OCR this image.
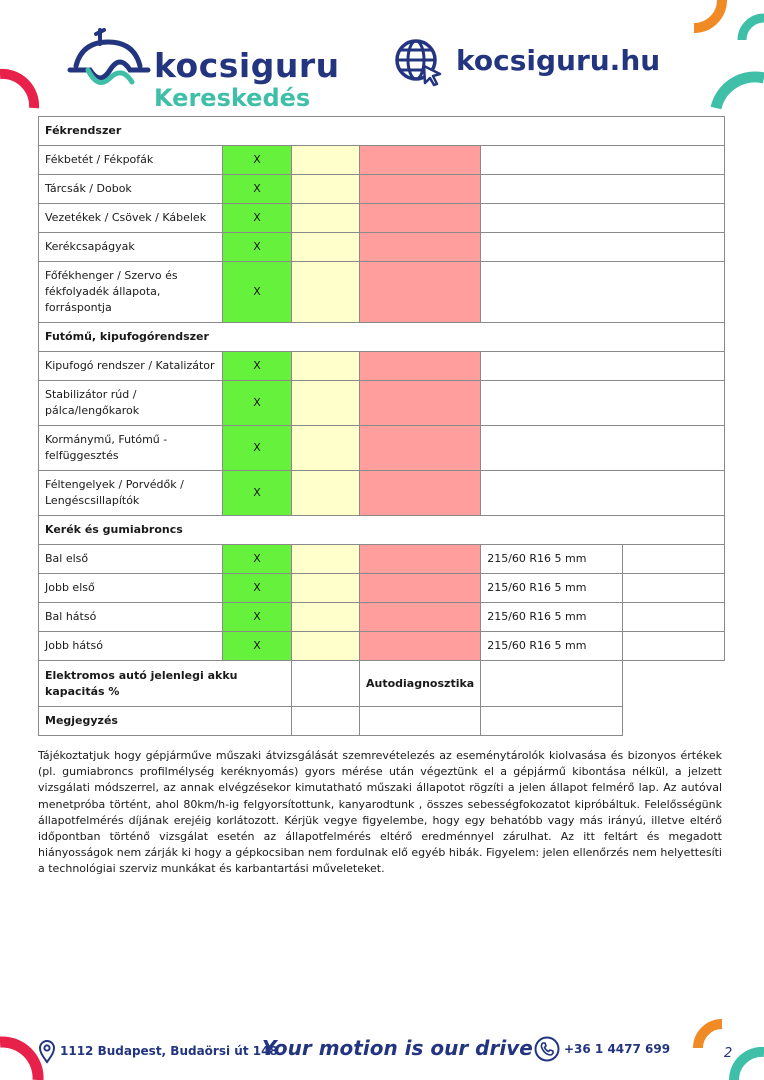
kocsiguru
Kereskedés
kocsiguru.hu
Fékrendszer					
Fékbetét / Fékpofák	X				
Tárcsák / Dobok	X				
Vezetékek / Csövek / Kábelek	X				
Kerékcsapágyak	X				
Főfékhenger / Szervo és fékfolyadék állapota, forráspontja	X				
Futómű, kipufogórendszer					
Kipufogó rendszer / Katalizátor	X				
Stabilizátor rúd / pálca/lengőkarok	X				
Kormánymű, Futómű - felfüggesztés	X				
Féltengelyek / Porvédők / Lengéscsillapítók	X				
Kerék és gumiabroncs					
Bal első	X			215/60 R16 5 mm	
Jobb első	X			215/60 R16 5 mm	
Bal hátsó	X			215/60 R16 5 mm	
Jobb hátsó	X			215/60 R16 5 mm	
Elektromos autó jelenlegi akku kapacitás %			Autodiagnosztika		
Megjegyzés					

Tájékoztatjuk hogy gépjárműve műszaki átvizsgálását szemrevételezés az eseménytárolók kiolvasása és bizonyos értékek (pl. gumiabroncs profilmélység keréknyomás) gyors mérése után végeztünk el a gépjármű kibontása nélkül, a jelzett vizsgálati módszerrel, az annak elvégzésekor kimutatható műszaki állapotot rögzíti a jelen állapot felmérő lap. Az autóval menetpróba történt, ahol 80km/h-ig felgyorsítottunk, kanyarodtunk , összes sebességfokozatot kipróbáltuk. Felelősségünk állapotfelmérés díjának erejéig korlátozott. Kérjük vegye figyelembe, hogy egy behatóbb vagy más irányú, illetve eltérő időpontban történő vizsgálat esetén az állapotfelmérés eltérő eredménnyel zárulhat. Az itt feltárt és megadott hiányosságok nem zárják ki hogy a gépkocsiban nem fordulnak elő egyéb hibák. Figyelem: jelen ellenőrzés nem helyettesíti a technológiai szerviz munkákat és karbantartási műveleteket.

1112 Budapest, Budaörsi út 148.
Your motion is our drive	+36 1 4477 699	2
